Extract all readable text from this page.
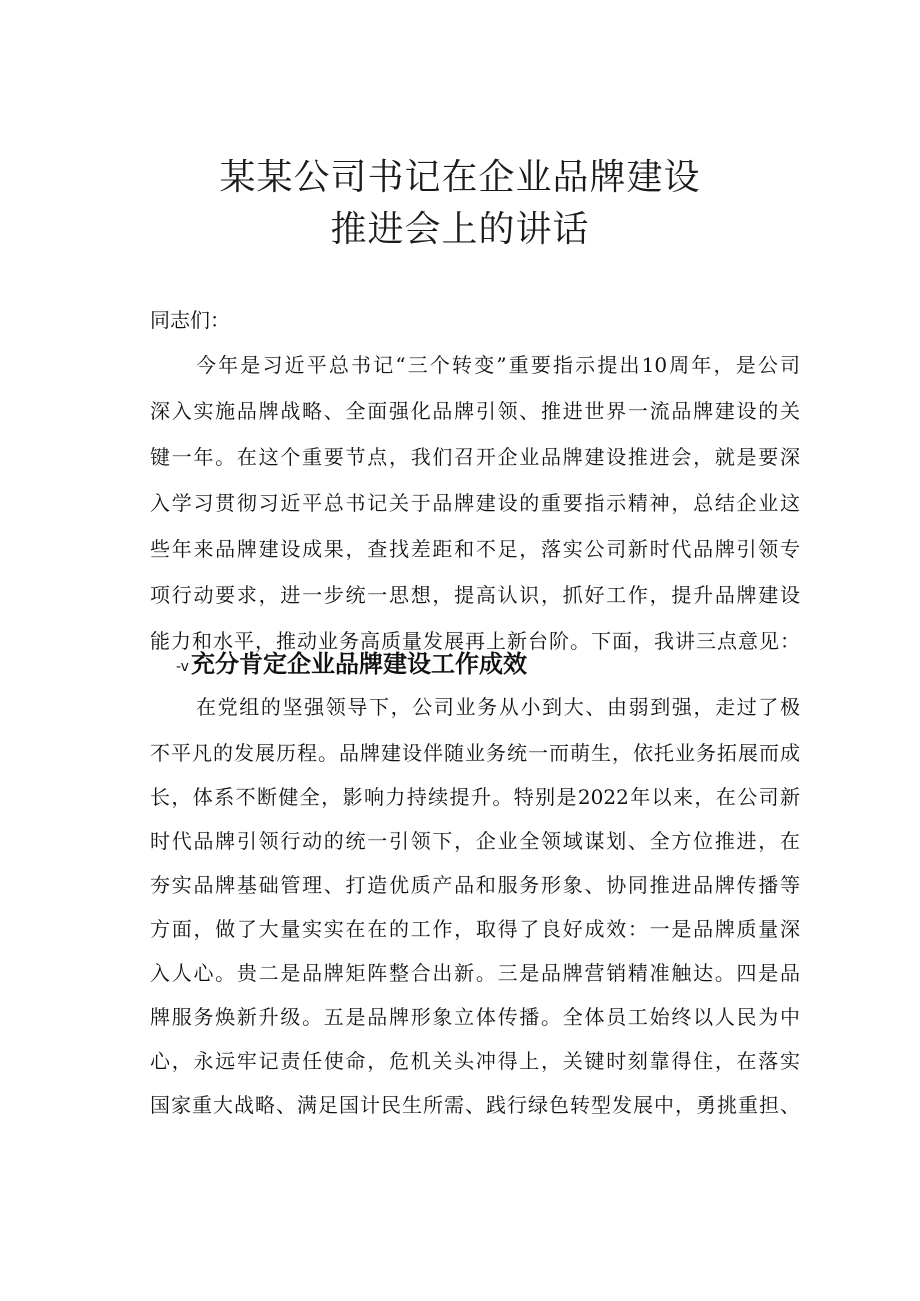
某某公司书记在企业品牌建设
推进会上的讲话
同志们：
今年是习近平总书记“三个转变”重要指示提出10周年，是公司
深入实施品牌战略、全面强化品牌引领、推进世界一流品牌建设的关
键一年。在这个重要节点，我们召开企业品牌建设推进会，就是要深
入学习贯彻习近平总书记关于品牌建设的重要指示精神，总结企业这
些年来品牌建设成果，查找差距和不足，落实公司新时代品牌引领专
项行动要求，进一步统一思想，提高认识，抓好工作，提升品牌建设
能力和水平，推动业务高质量发展再上新台阶。下面，我讲三点意见：
-v充分肯定企业品牌建设工作成效
在党组的坚强领导下，公司业务从小到大、由弱到强，走过了极
不平凡的发展历程。品牌建设伴随业务统一而萌生，依托业务拓展而成
长，体系不断健全，影响力持续提升。特别是2022年以来，在公司新
时代品牌引领行动的统一引领下，企业全领域谋划、全方位推进，在
夯实品牌基础管理、打造优质产品和服务形象、协同推进品牌传播等
方面，做了大量实实在在的工作，取得了良好成效：一是品牌质量深
入人心。贵二是品牌矩阵整合出新。三是品牌营销精准触达。四是品
牌服务焕新升级。五是品牌形象立体传播。全体员工始终以人民为中
心，永远牢记责任使命，危机关头冲得上，关键时刻靠得住，在落实
国家重大战略、满足国计民生所需、践行绿色转型发展中，勇挑重担、
